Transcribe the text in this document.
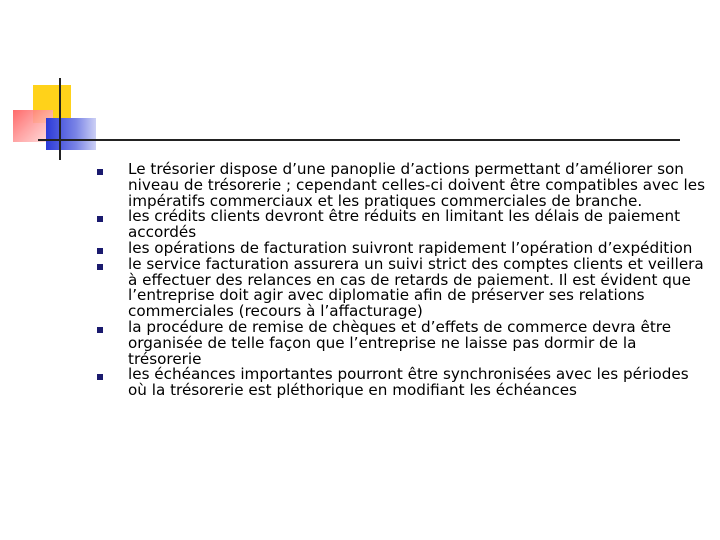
Le trésorier dispose d’une panoplie d’actions permettant d’améliorer son niveau de trésorerie ; cependant celles-ci doivent être compatibles avec les impératifs commerciaux et les pratiques commerciales de branche.
les crédits clients devront être réduits en limitant les délais de paiement accordés
les opérations de facturation suivront rapidement l’opération d’expédition
le service facturation assurera un suivi strict des comptes clients et veillera à effectuer des relances en cas de retards de paiement. Il est évident que l’entreprise doit agir avec diplomatie afin de préserver ses relations commerciales (recours à l’affacturage)
la procédure de remise de chèques et d’effets de commerce devra être organisée de telle façon que l’entreprise ne laisse pas dormir de la trésorerie
les échéances importantes pourront être synchronisées avec les périodes où la trésorerie est pléthorique en modifiant les échéances
